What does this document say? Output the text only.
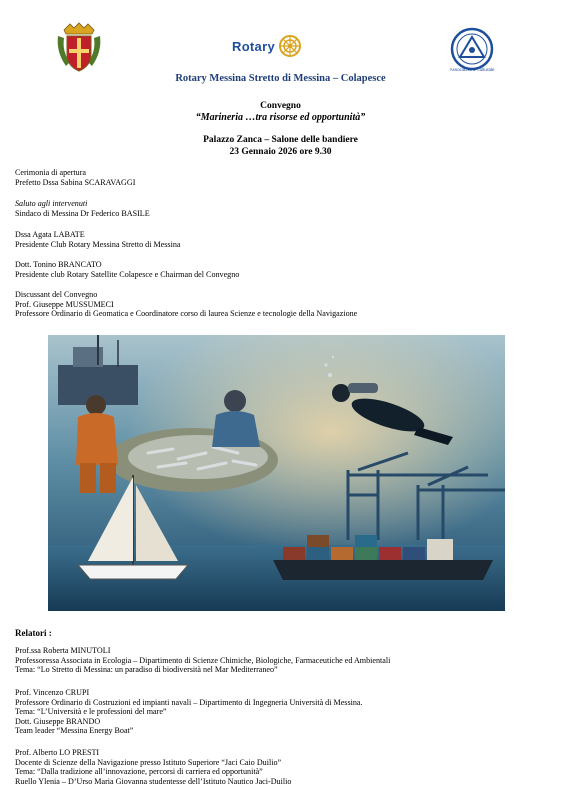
Rotary
Associazione culturale
Rotary Messina Stretto di Messina – Colapesce
Convegno
“Marineria …tra risorse ed opportunità”
Palazzo Zanca – Salone delle bandiere
23 Gennaio 2026 ore 9.30
Cerimonia di apertura
Prefetto Dssa Sabina SCARAVAGGI
Saluto agli intervenuti
Sindaco di Messina Dr Federico BASILE
Dssa Agata LABATE
Presidente Club Rotary Messina Stretto di Messina
Dott. Tonino BRANCATO
Presidente club Rotary Satellite Colapesce e Chairman del Convegno
Discussant del Convegno
Prof. Giuseppe MUSSUMECI
Professore Ordinario di Geomatica e Coordinatore corso di laurea Scienze e tecnologie della Navigazione
Relatori :
Prof.ssa Roberta MINUTOLI
Professoressa Associata in Ecologia – Dipartimento di Scienze Chimiche, Biologiche, Farmaceutiche ed Ambientali
Tema: “Lo Stretto di Messina: un paradiso di biodiversità nel Mar Mediterraneo”
Prof. Vincenzo CRUPI
Professore Ordinario di Costruzioni ed impianti navali – Dipartimento di Ingegneria Università di Messina.
Tema: “L’Università e le professioni del mare”
Dott. Giuseppe BRANDO
Team leader “Messina Energy Boat”
Prof. Alberto LO PRESTI
Docente di Scienze della Navigazione presso Istituto Superiore “Jaci Caio Duilio”
Tema: “Dalla tradizione all’innovazione, percorsi di carriera ed opportunità”
Ruello Ylenia – D’Urso Maria Giovanna studentesse dell’Istituto Nautico Jaci-Duilio
